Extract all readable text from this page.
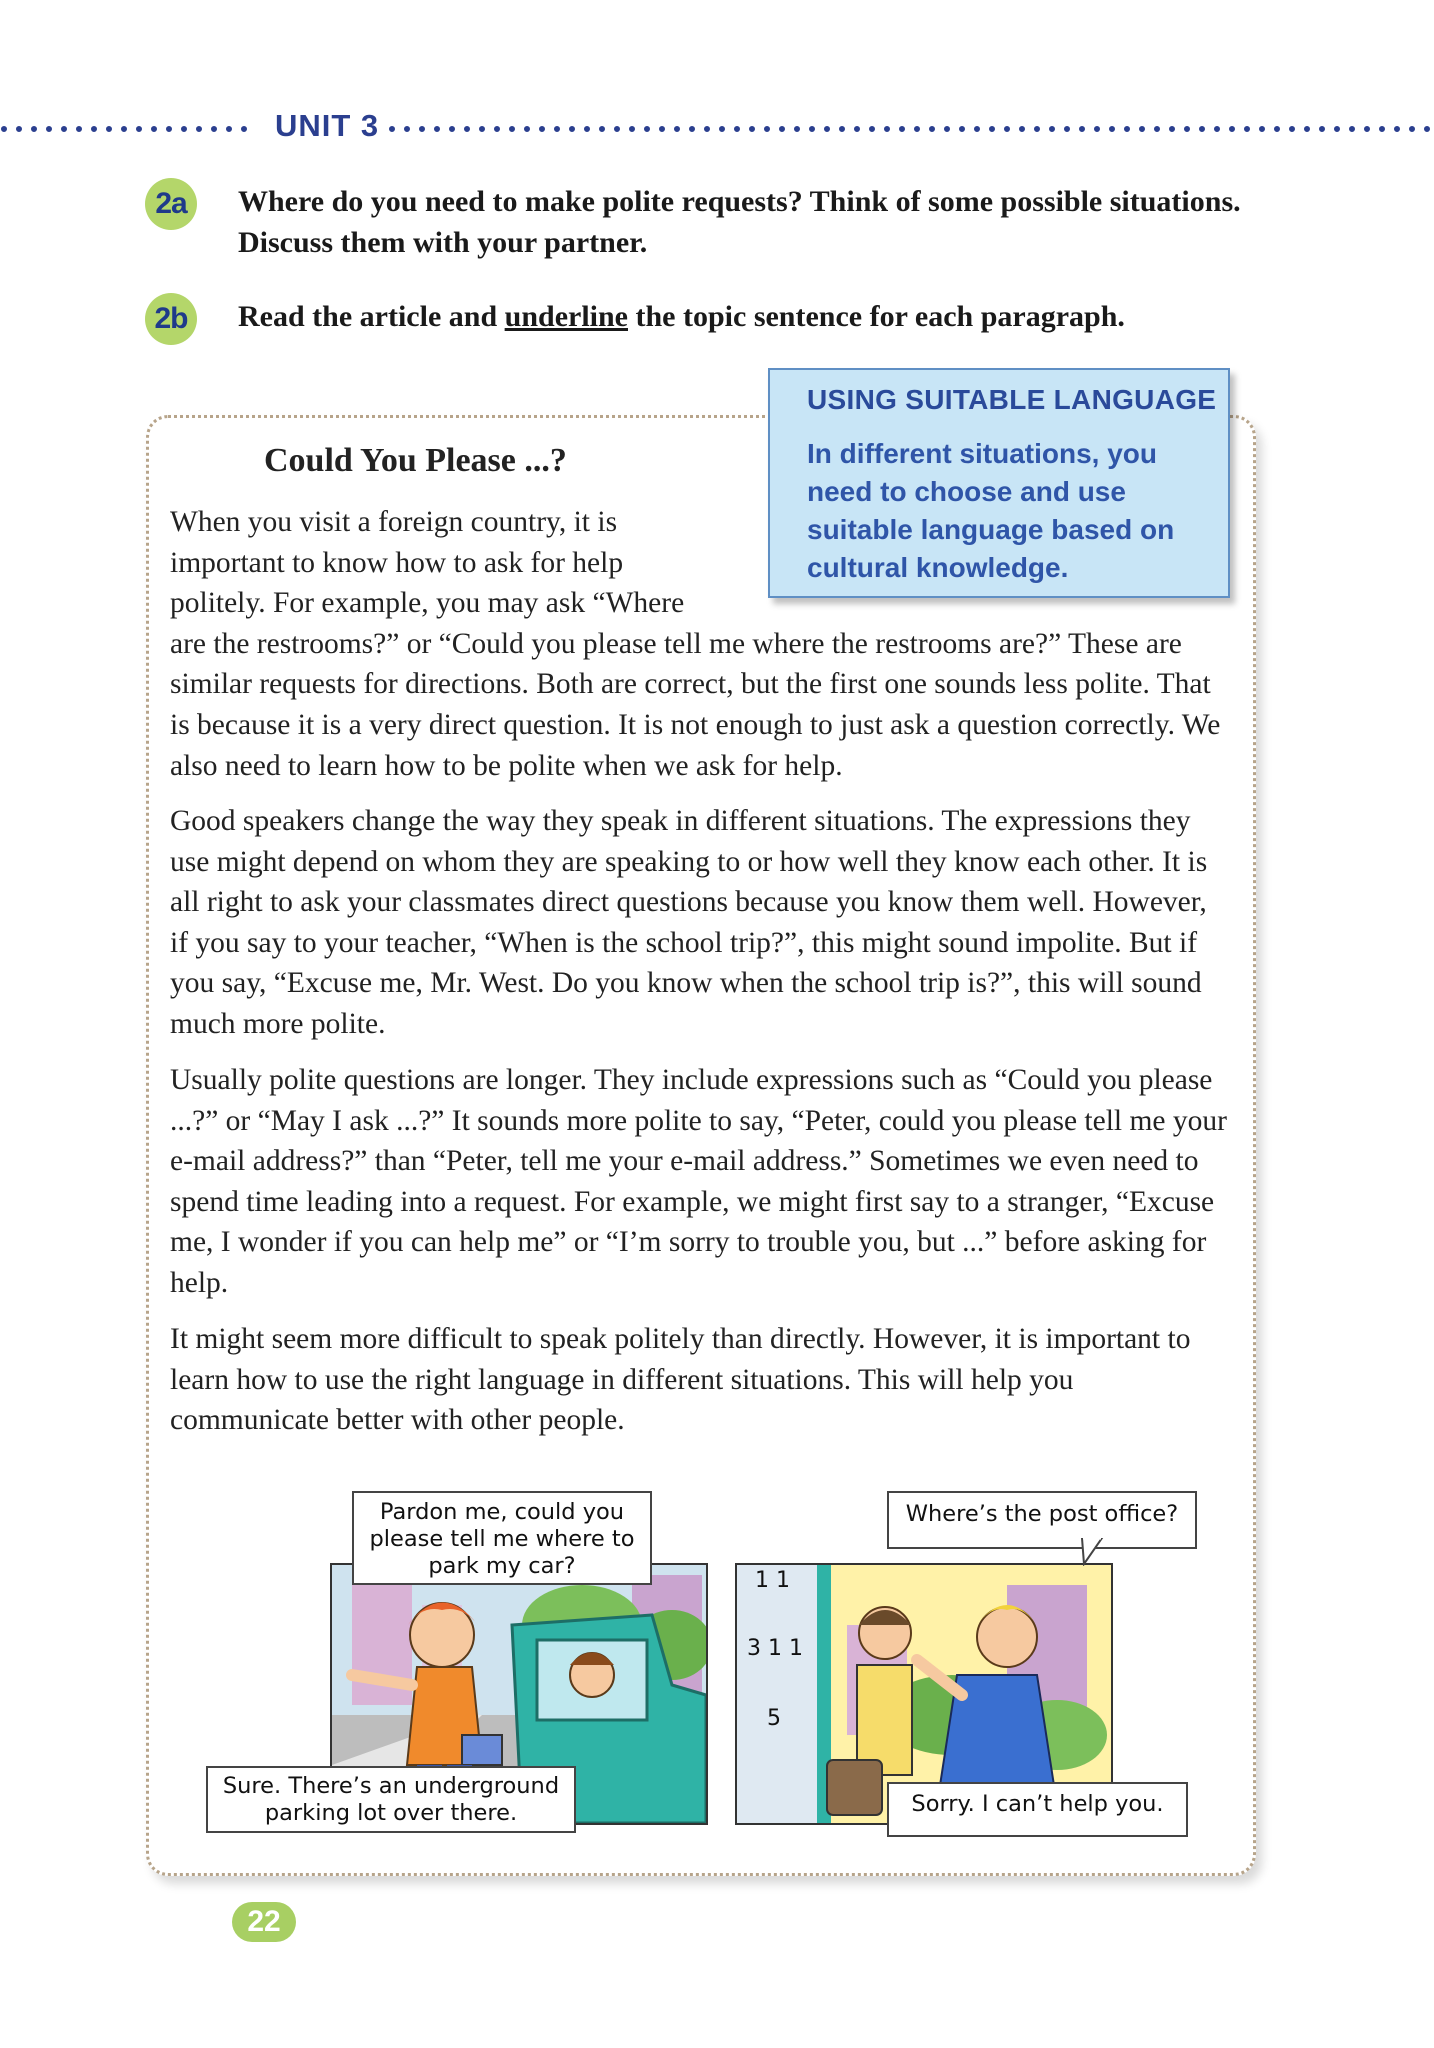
UNIT 3
2a	Where do you need to make polite requests? Think of some possible situations. Discuss them with your partner.
2b	Read the article and underline the topic sentence for each paragraph.
Could You Please ...?
When you visit a foreign country, it is important to know how to ask for help politely. For example, you may ask “Where are the restrooms?” or “Could you please tell me where the restrooms are?” These are similar requests for directions. Both are correct, but the first one sounds less polite. That is because it is a very direct question. It is not enough to just ask a question correctly. We also need to learn how to be polite when we ask for help.

Good speakers change the way they speak in different situations. The expressions they use might depend on whom they are speaking to or how well they know each other. It is all right to ask your classmates direct questions because you know them well. However, if you say to your teacher, “When is the school trip?”, this might sound impolite. But if you say, “Excuse me, Mr. West. Do you know when the school trip is?”, this will sound much more polite.

Usually polite questions are longer. They include expressions such as “Could you please ...?” or “May I ask ...?” It sounds more polite to say, “Peter, could you please tell me your e-mail address?” than “Peter, tell me your e-mail address.” Sometimes we even need to spend time leading into a request. For example, we might first say to a stranger, “Excuse me, I wonder if you can help me” or “I’m sorry to trouble you, but ...” before asking for help.

It might seem more difficult to speak politely than directly. However, it is important to learn how to use the right language in different situations. This will help you communicate better with other people.

USING SUITABLE LANGUAGE
In different situations, you need to choose and use suitable language based on cultural knowledge.
Pardon me, could you please tell me where to park my car?
Sure. There’s an underground parking lot over there.
1 1
3 1 1
5
Where’s the post office?
Sorry. I can’t help you.
22
